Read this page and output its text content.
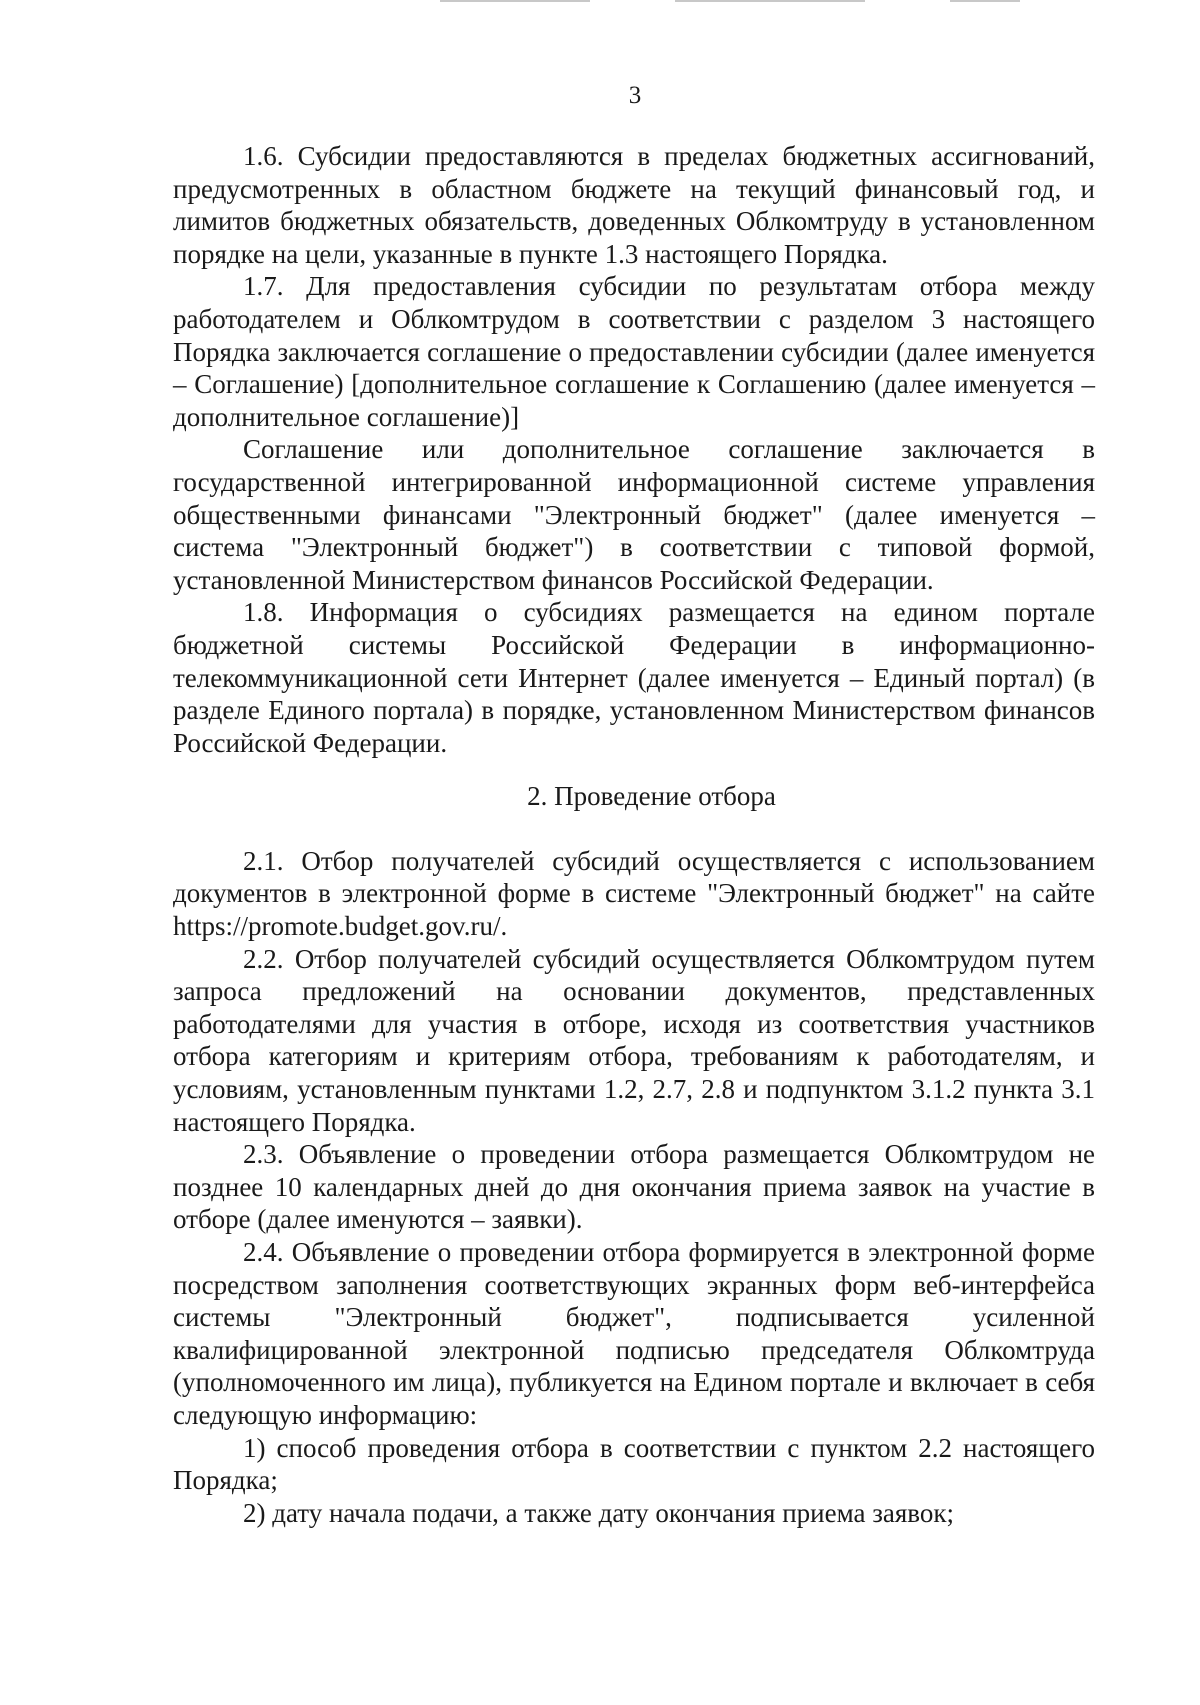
3

1.6. Субсидии предоставляются в пределах бюджетных ассигнований, предусмотренных в областном бюджете на текущий финансовый год, и лимитов бюджетных обязательств, доведенных Облкомтруду в установленном порядке на цели, указанные в пункте 1.3 настоящего Порядка.

1.7. Для предоставления субсидии по результатам отбора между работодателем и Облкомтрудом в соответствии с разделом 3 настоящего Порядка заключается соглашение о предоставлении субсидии (далее именуется – Соглашение) [дополнительное соглашение к Соглашению (далее именуется – дополнительное соглашение)]

Соглашение или дополнительное соглашение заключается в государственной интегрированной информационной системе управления общественными финансами "Электронный бюджет" (далее именуется – система "Электронный бюджет") в соответствии с типовой формой, установленной Министерством финансов Российской Федерации.

1.8. Информация о субсидиях размещается на едином портале бюджетной системы Российской Федерации в информационно-телекоммуникационной сети Интернет (далее именуется – Единый портал) (в разделе Единого портала) в порядке, установленном Министерством финансов Российской Федерации.

2. Проведение отбора

2.1. Отбор получателей субсидий осуществляется с использованием документов в электронной форме в системе "Электронный бюджет" на сайте https://promote.budget.gov.ru/.

2.2. Отбор получателей субсидий осуществляется Облкомтрудом путем запроса предложений на основании документов, представленных работодателями для участия в отборе, исходя из соответствия участников отбора категориям и критериям отбора, требованиям к работодателям, и условиям, установленным пунктами 1.2, 2.7, 2.8 и подпунктом 3.1.2 пункта 3.1 настоящего Порядка.

2.3. Объявление о проведении отбора размещается Облкомтрудом не позднее 10 календарных дней до дня окончания приема заявок на участие в отборе (далее именуются – заявки).

2.4. Объявление о проведении отбора формируется в электронной форме посредством заполнения соответствующих экранных форм веб-интерфейса системы "Электронный бюджет", подписывается усиленной квалифицированной электронной подписью председателя Облкомтруда (уполномоченного им лица), публикуется на Едином портале и включает в себя следующую информацию:

1) способ проведения отбора в соответствии с пунктом 2.2 настоящего Порядка;

2) дату начала подачи, а также дату окончания приема заявок;
